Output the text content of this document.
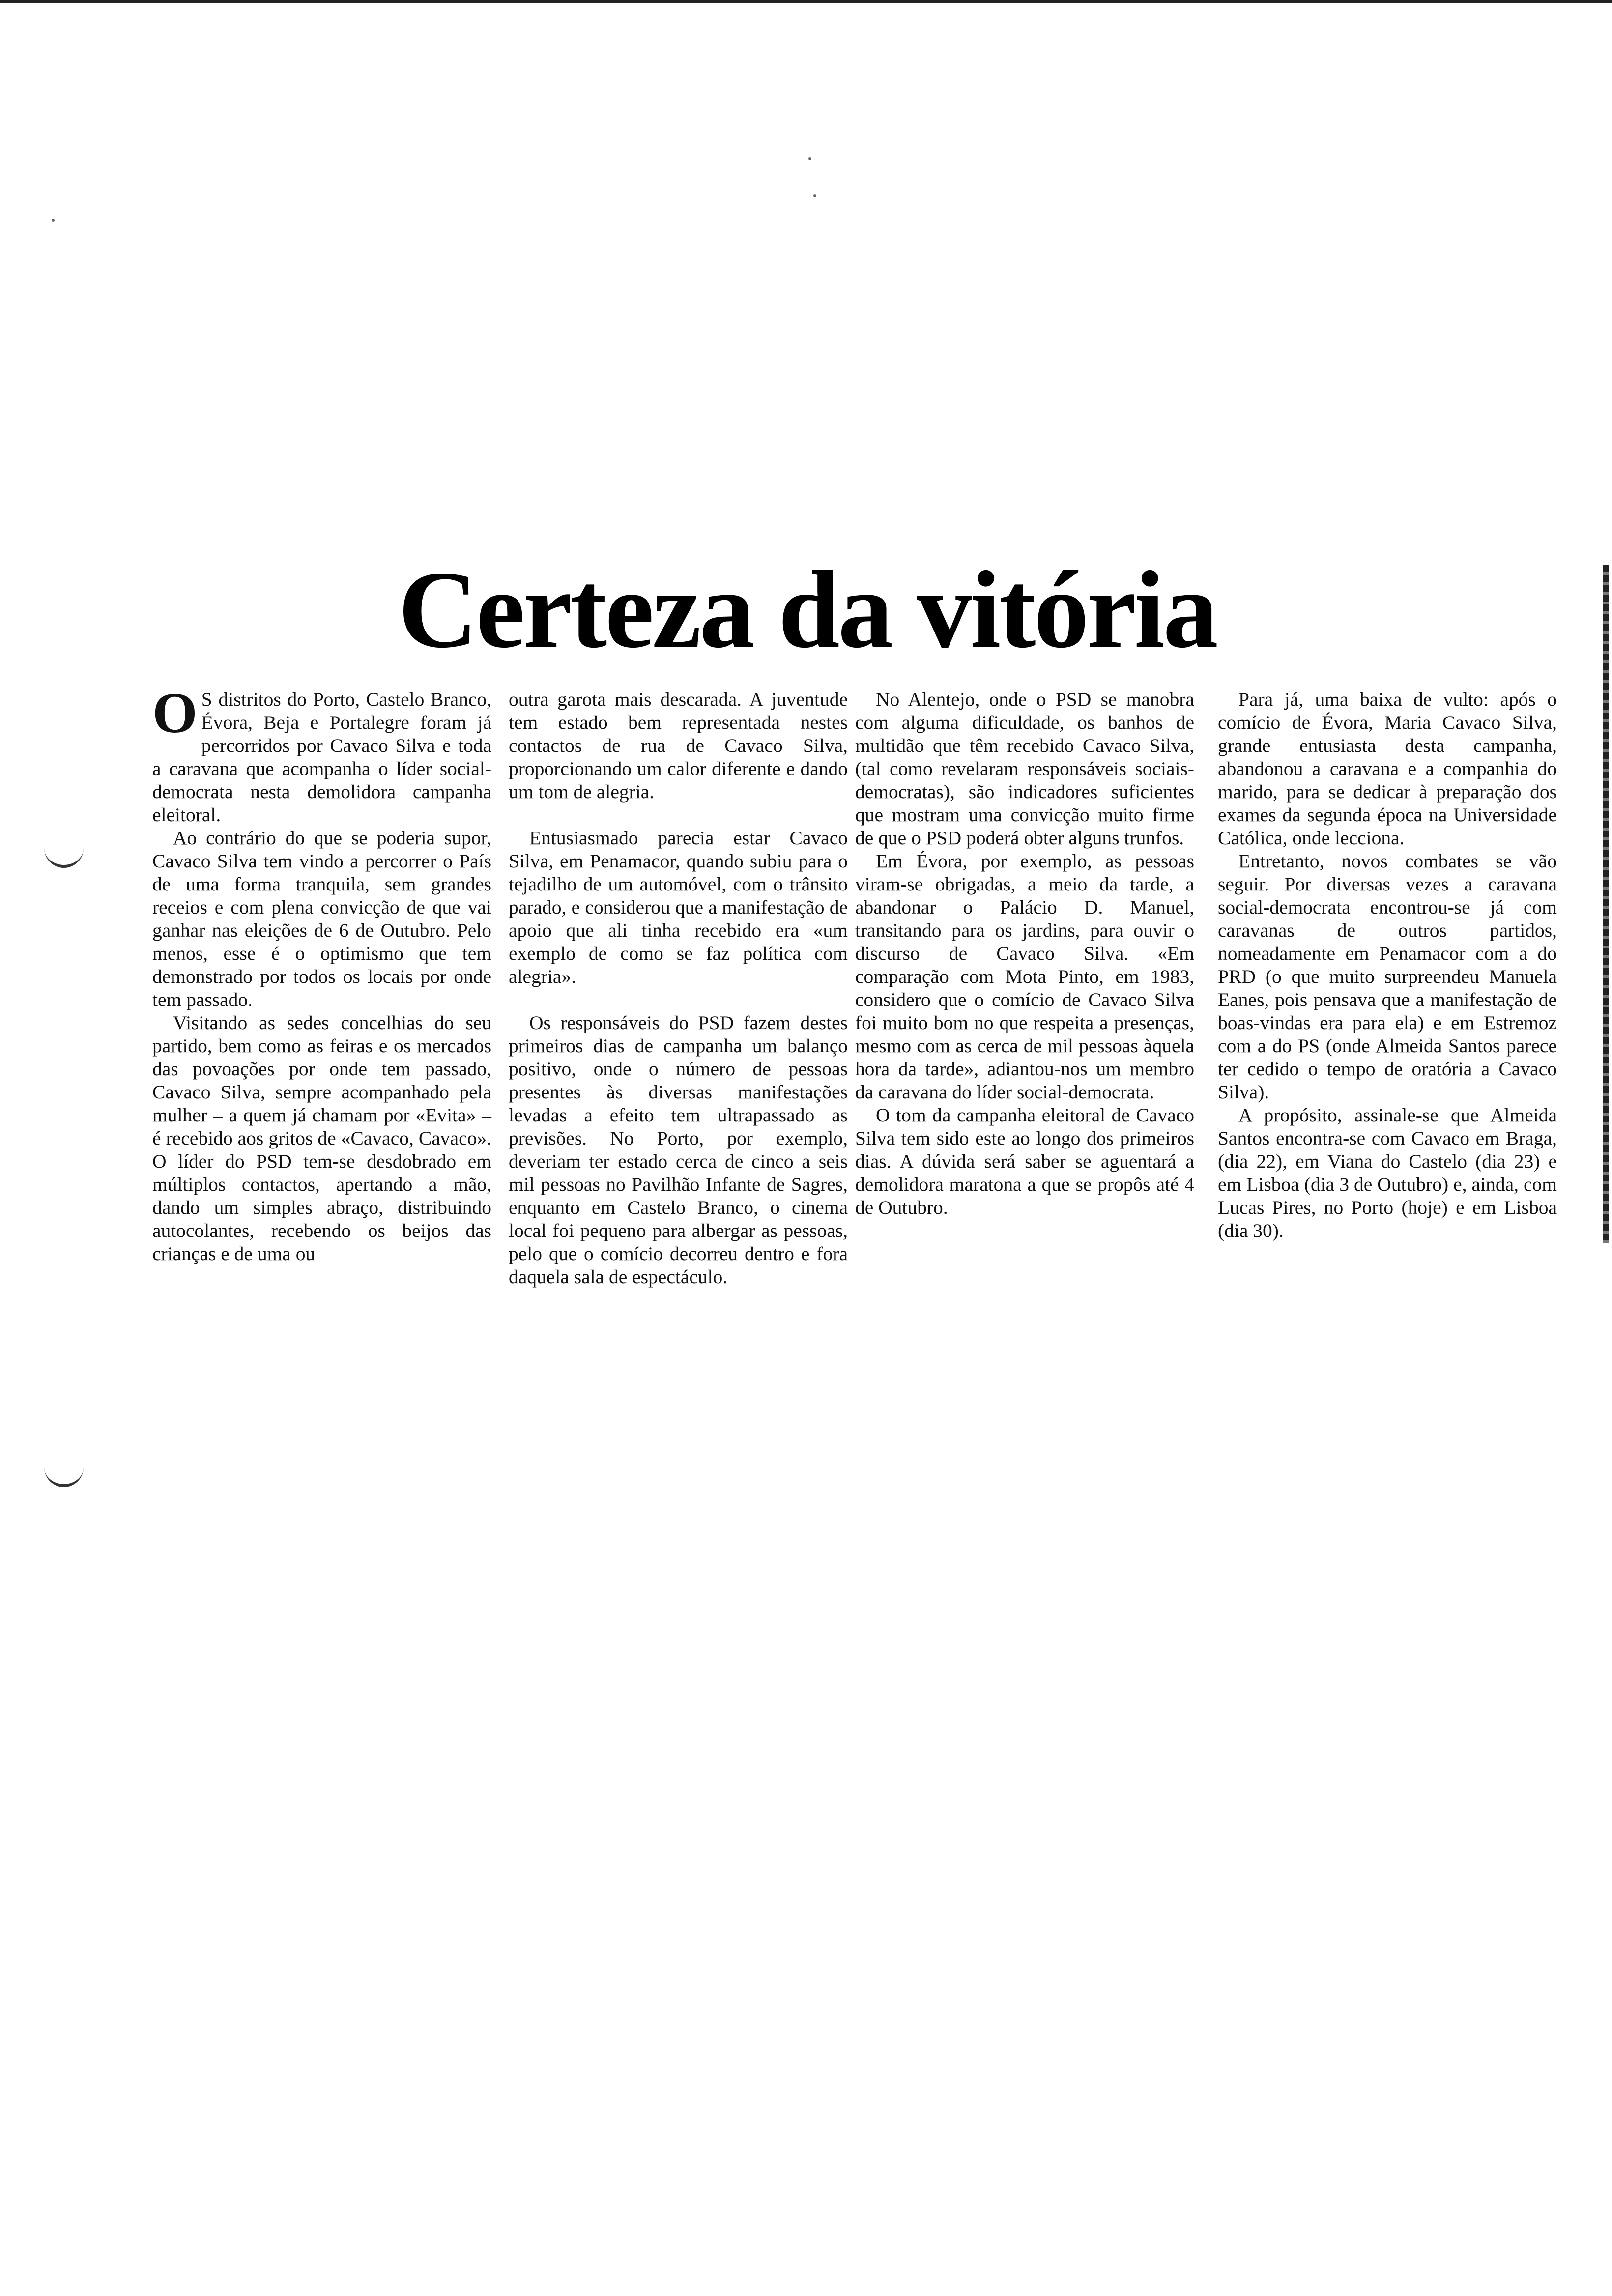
Certeza da vitória

O S distritos do Porto, Castelo Branco, Évora, Beja e Portalegre foram já percorridos por Cavaco Silva e toda a caravana que acompanha o líder social-democrata nesta demolidora campanha eleitoral.

Ao contrário do que se poderia supor, Cavaco Silva tem vindo a percorrer o País de uma forma tranquila, sem grandes receios e com plena convicção de que vai ganhar nas eleições de 6 de Outubro. Pelo menos, esse é o optimismo que tem demonstrado por todos os locais por onde tem passado.

Visitando as sedes concelhias do seu partido, bem como as feiras e os mercados das povoações por onde tem passado, Cavaco Silva, sempre acompanhado pela mulher – a quem já chamam por «Evita» – é recebido aos gritos de «Cavaco, Cavaco». O líder do PSD tem-se desdobrado em múltiplos contactos, apertando a mão, dando um simples abraço, distribuindo autocolantes, recebendo os beijos das crianças e de uma ou

outra garota mais descarada. A juventude tem estado bem representada nestes contactos de rua de Cavaco Silva, proporcionando um calor diferente e dando um tom de alegria.

Entusiasmado parecia estar Cavaco Silva, em Penamacor, quando subiu para o tejadilho de um automóvel, com o trânsito parado, e considerou que a manifestação de apoio que ali tinha recebido era «um exemplo de como se faz política com alegria».

Os responsáveis do PSD fazem destes primeiros dias de campanha um balanço positivo, onde o número de pessoas presentes às diversas manifestações levadas a efeito tem ultrapassado as previsões. No Porto, por exemplo, deveriam ter estado cerca de cinco a seis mil pessoas no Pavilhão Infante de Sagres, enquanto em Castelo Branco, o cinema local foi pequeno para albergar as pessoas, pelo que o comício decorreu dentro e fora daquela sala de espectáculo.

No Alentejo, onde o PSD se manobra com alguma dificuldade, os banhos de multidão que têm recebido Cavaco Silva, (tal como revelaram responsáveis sociais-democratas), são indicadores suficientes que mostram uma convicção muito firme de que o PSD poderá obter alguns trunfos.

Em Évora, por exemplo, as pessoas viram-se obrigadas, a meio da tarde, a abandonar o Palácio D. Manuel, transitando para os jardins, para ouvir o discurso de Cavaco Silva. «Em comparação com Mota Pinto, em 1983, considero que o comício de Cavaco Silva foi muito bom no que respeita a presenças, mesmo com as cerca de mil pessoas àquela hora da tarde», adiantou-nos um membro da caravana do líder social-democrata.

O tom da campanha eleitoral de Cavaco Silva tem sido este ao longo dos primeiros dias. A dúvida será saber se aguentará a demolidora maratona a que se propôs até 4 de Outubro.

Para já, uma baixa de vulto: após o comício de Évora, Maria Cavaco Silva, grande entusiasta desta campanha, abandonou a caravana e a companhia do marido, para se dedicar à preparação dos exames da segunda época na Universidade Católica, onde lecciona.

Entretanto, novos combates se vão seguir. Por diversas vezes a caravana social-democrata encontrou-se já com caravanas de outros partidos, nomeadamente em Penamacor com a do PRD (o que muito surpreendeu Manuela Eanes, pois pensava que a manifestação de boas-vindas era para ela) e em Estremoz com a do PS (onde Almeida Santos parece ter cedido o tempo de oratória a Cavaco Silva).

A propósito, assinale-se que Almeida Santos encontra-se com Cavaco em Braga, (dia 22), em Viana do Castelo (dia 23) e em Lisboa (dia 3 de Outubro) e, ainda, com Lucas Pires, no Porto (hoje) e em Lisboa (dia 30).
